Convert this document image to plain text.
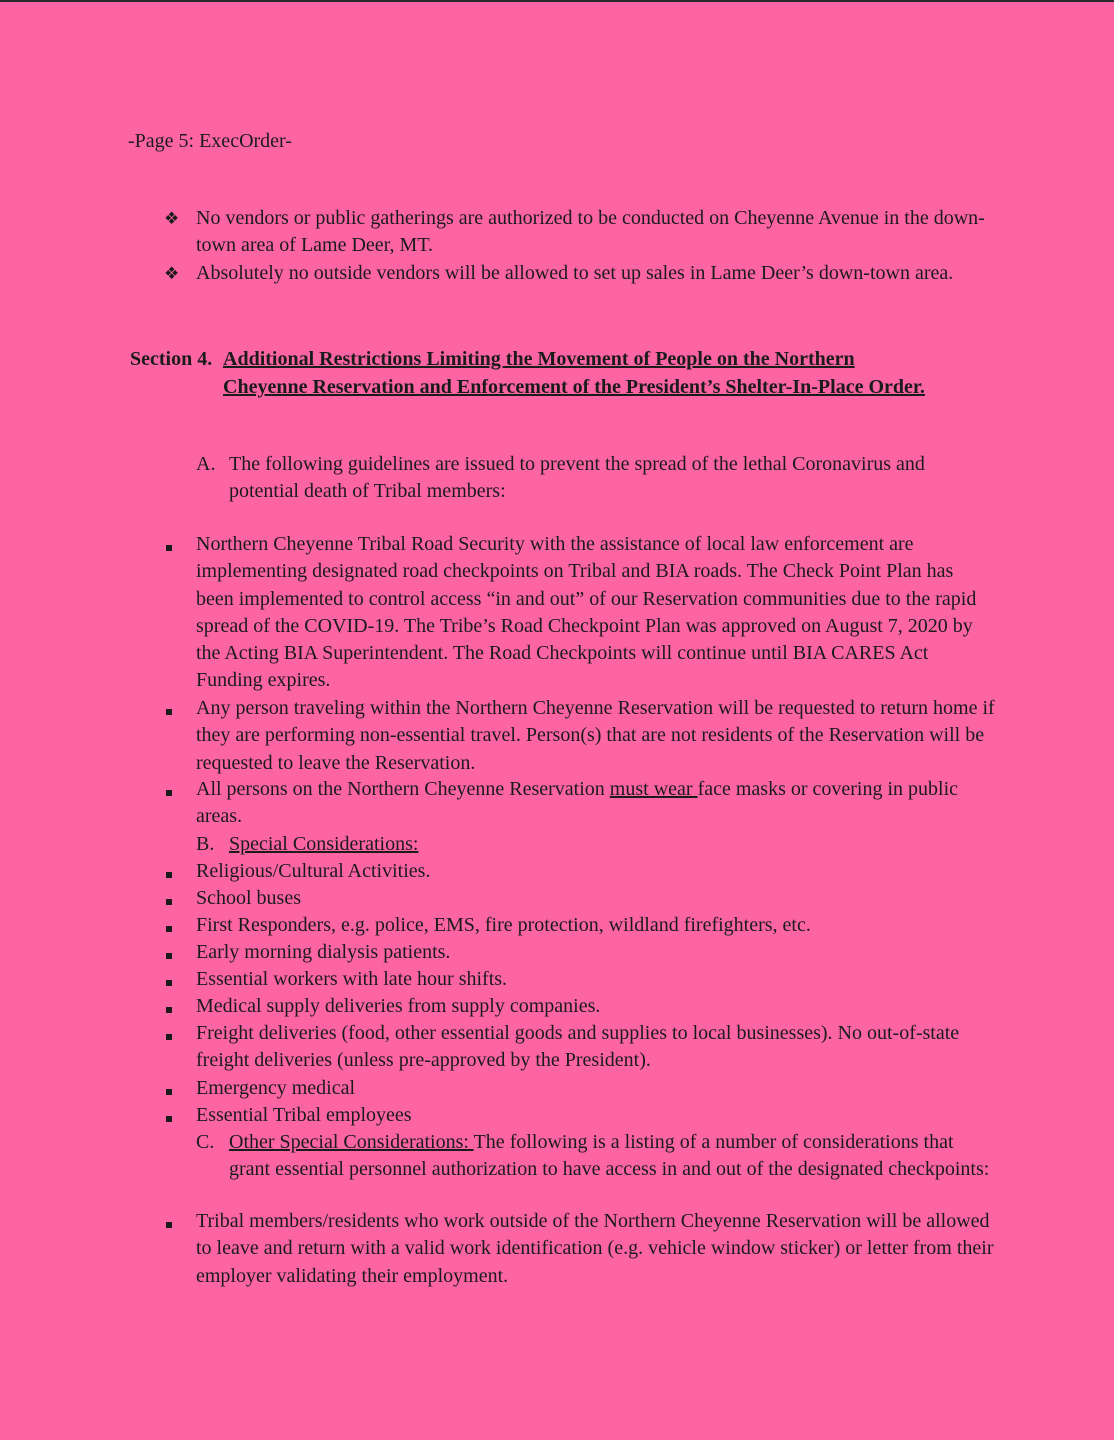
-Page 5: ExecOrder-
❖ No vendors or public gatherings are authorized to be conducted on Cheyenne Avenue in the down-town area of Lame Deer, MT.
❖ Absolutely no outside vendors will be allowed to set up sales in Lame Deer’s down-town area.
Section 4. Additional Restrictions Limiting the Movement of People on the Northern Cheyenne Reservation and Enforcement of the President’s Shelter-In-Place Order.
A. The following guidelines are issued to prevent the spread of the lethal Coronavirus and potential death of Tribal members:
Northern Cheyenne Tribal Road Security with the assistance of local law enforcement are implementing designated road checkpoints on Tribal and BIA roads. The Check Point Plan has been implemented to control access “in and out” of our Reservation communities due to the rapid spread of the COVID-19. The Tribe’s Road Checkpoint Plan was approved on August 7, 2020 by the Acting BIA Superintendent. The Road Checkpoints will continue until BIA CARES Act Funding expires.
Any person traveling within the Northern Cheyenne Reservation will be requested to return home if they are performing non-essential travel. Person(s) that are not residents of the Reservation will be requested to leave the Reservation.
All persons on the Northern Cheyenne Reservation must wear face masks or covering in public areas.
B. Special Considerations:
Religious/Cultural Activities.
School buses
First Responders, e.g. police, EMS, fire protection, wildland firefighters, etc.
Early morning dialysis patients.
Essential workers with late hour shifts.
Medical supply deliveries from supply companies.
Freight deliveries (food, other essential goods and supplies to local businesses). No out-of-state freight deliveries (unless pre-approved by the President).
Emergency medical
Essential Tribal employees
C. Other Special Considerations: The following is a listing of a number of considerations that grant essential personnel authorization to have access in and out of the designated checkpoints:
Tribal members/residents who work outside of the Northern Cheyenne Reservation will be allowed to leave and return with a valid work identification (e.g. vehicle window sticker) or letter from their employer validating their employment.
